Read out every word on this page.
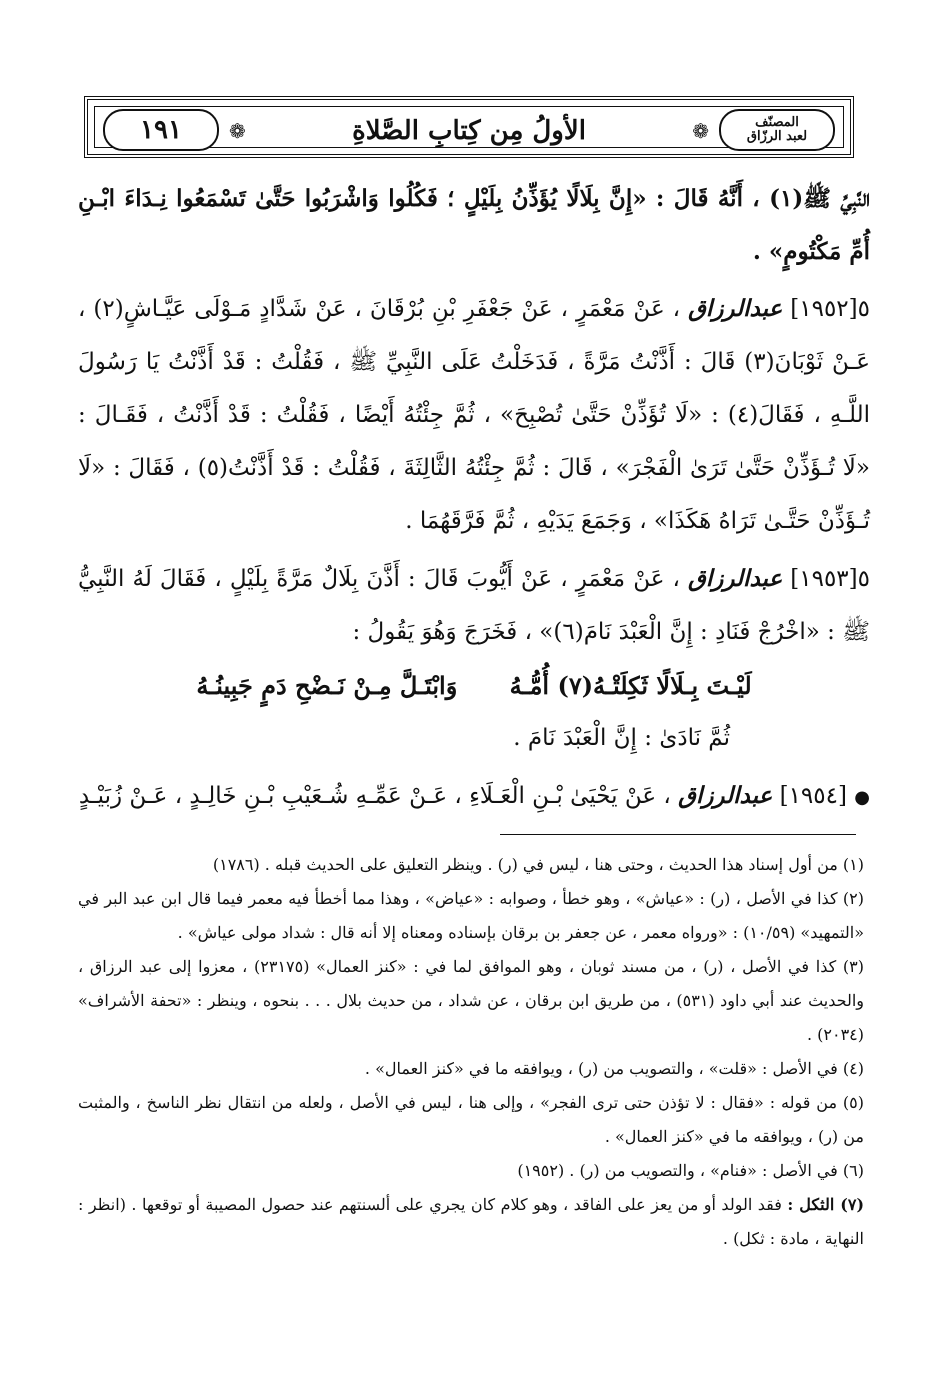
المصنّف
لعبد الرزّاق
❁
الأولُ مِن كِتابِ الصَّلاةِ
❁
١٩١

النَّبِيِّ ﷺ(١) ، أَنَّهُ قَالَ : «إِنَّ بِلَالًا يُؤَذِّنُ بِلَيْلٍ ؛ فَكُلُوا وَاشْرَبُوا حَتَّىٰ تَسْمَعُوا نِـدَاءَ ابْـنِ أُمِّ مَكْتُومٍ» .

٥[١٩٥٢] عبدالرزاق ، عَنْ مَعْمَرٍ ، عَنْ جَعْفَرِ بْنِ بُرْقَانَ ، عَنْ شَدَّادٍ مَـوْلَى عَيَّـاشٍ(٢) ، عَـنْ ثَوْبَانَ(٣) قَالَ : أَذَّنْتُ مَرَّةً ، فَدَخَلْتُ عَلَى النَّبِيِّ ﷺ ، فَقُلْتُ : قَدْ أَذَّنْتُ يَا رَسُولَ اللَّـهِ ، فَقَالَ(٤) : «لَا تُؤَذِّنْ حَتَّىٰ تُصْبِحَ» ، ثُمَّ جِئْتُهُ أَيْضًا ، فَقُلْتُ : قَدْ أَذَّنْتُ ، فَقَـالَ : «لَا تُـؤَذِّنْ حَتَّىٰ تَرَىٰ الْفَجْرَ» ، قَالَ : ثُمَّ جِئْتُهُ الثَّالِثَةَ ، فَقُلْتُ : قَدْ أَذَّنْتُ(٥) ، فَقَالَ : «لَا تُـؤَذِّنْ حَتَّـىٰ تَرَاهُ هَكَذَا» ، وَجَمَعَ يَدَيْهِ ، ثُمَّ فَرَّقَهُمَا .

٥[١٩٥٣] عبدالرزاق ، عَنْ مَعْمَرٍ ، عَنْ أَيُّوبَ قَالَ : أَذَّنَ بِلَالٌ مَرَّةً بِلَيْلٍ ، فَقَالَ لَهُ النَّبِيُّ ﷺ : «اخْرُجْ فَنَادِ : إِنَّ الْعَبْدَ نَامَ(٦)» ، فَخَرَجَ وَهُوَ يَقُولُ :

لَيْـتَ بِـلَالًا ثَكِلَتْـهُ(٧) أُمُّـهُ وَابْتَـلَّ مِـنْ نَـضْحِ دَمٍ جَبِينُـهُ

ثُمَّ نَادَىٰ : إِنَّ الْعَبْدَ نَامَ .

● [١٩٥٤] عبدالرزاق ، عَنْ يَحْيَىٰ بْـنِ الْعَـلَاءِ ، عَـنْ عَمِّـهِ شُـعَيْبِ بْـنِ خَالِـدٍ ، عَـنْ زُبَيْـدٍ

(١) من أول إسناد هذا الحديث ، وحتى هنا ، ليس في (ر) . وينظر التعليق على الحديث قبله . (١٧٨٦)

(٢) كذا في الأصل ، (ر) : «عياش» ، وهو خطأ ، وصوابه : «عياض» ، وهذا مما أخطأ فيه معمر فيما قال ابن عبد البر في «التمهيد» (١٠/٥٩) : «ورواه معمر ، عن جعفر بن برقان بإسناده ومعناه إلا أنه قال : شداد مولى عياش» .

(٣) كذا في الأصل ، (ر) ، من مسند ثوبان ، وهو الموافق لما في : «كنز العمال» (٢٣١٧٥) ، معزوا إلى عبد الرزاق ، والحديث عند أبي داود (٥٣١) ، من طريق ابن برقان ، عن شداد ، من حديث بلال . . . بنحوه ، وينظر : «تحفة الأشراف» (٢٠٣٤) .

(٤) في الأصل : «قلت» ، والتصويب من (ر) ، ويوافقه ما في «كنز العمال» .

(٥) من قوله : «فقال : لا تؤذن حتى ترى الفجر» ، وإلى هنا ، ليس في الأصل ، ولعله من انتقال نظر الناسخ ، والمثبت من (ر) ، ويوافقه ما في «كنز العمال» .

(٦) في الأصل : «فنام» ، والتصويب من (ر) . (١٩٥٢)

(٧) الثكل : فقد الولد أو من يعز على الفاقد ، وهو كلام كان يجري على ألسنتهم عند حصول المصيبة أو توقعها . (انظر : النهاية ، مادة : ثكل) .
